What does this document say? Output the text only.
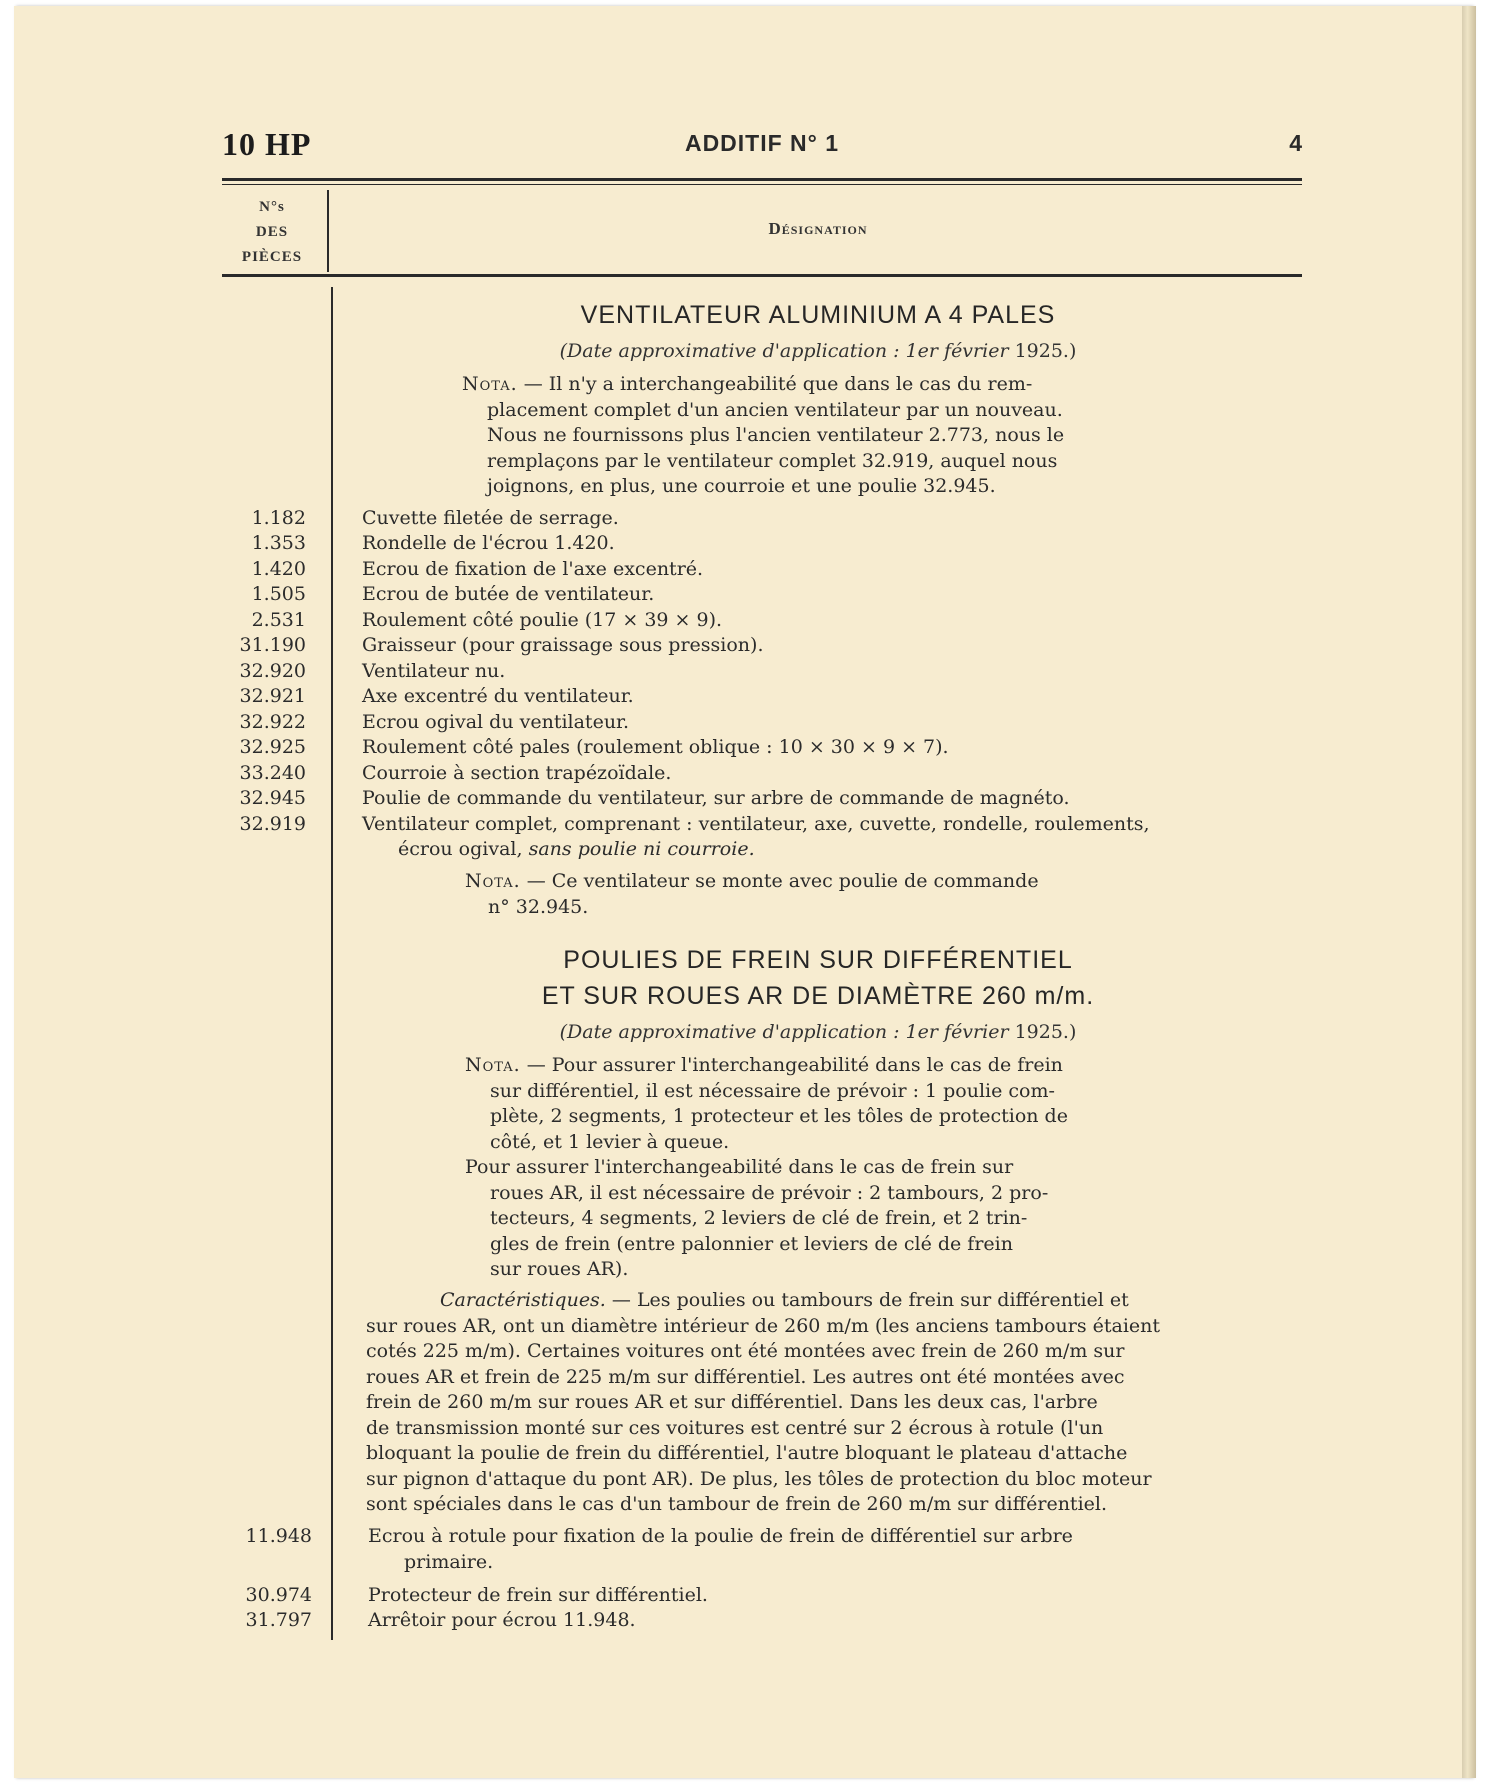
10 HP	ADDITIF N° 1	4
N°s
DES
PIÈCES
Désignation
VENTILATEUR ALUMINIUM A 4 PALES
(Date approximative d'application : 1er février 1925.)
Nota. — Il n'y a interchangeabilité que dans le cas du rem-
placement complet d'un ancien ventilateur par un nouveau.
Nous ne fournissons plus l'ancien ventilateur 2.773, nous le
remplaçons par le ventilateur complet 32.919, auquel nous
joignons, en plus, une courroie et une poulie 32.945.
1.182	Cuvette filetée de serrage.
1.353	Rondelle de l'écrou 1.420.
1.420	Ecrou de fixation de l'axe excentré.
1.505	Ecrou de butée de ventilateur.
2.531	Roulement côté poulie (17 × 39 × 9).
31.190	Graisseur (pour graissage sous pression).
32.920	Ventilateur nu.
32.921	Axe excentré du ventilateur.
32.922	Ecrou ogival du ventilateur.
32.925	Roulement côté pales (roulement oblique : 10 × 30 × 9 × 7).
33.240	Courroie à section trapézoïdale.
32.945	Poulie de commande du ventilateur, sur arbre de commande de magnéto.
32.919	Ventilateur complet, comprenant : ventilateur, axe, cuvette, rondelle, roulements,
écrou ogival, sans poulie ni courroie.
Nota. — Ce ventilateur se monte avec poulie de commande
n° 32.945.
POULIES DE FREIN SUR DIFFÉRENTIEL
ET SUR ROUES AR DE DIAMÈTRE 260 m/m.
(Date approximative d'application : 1er février 1925.)
Nota. — Pour assurer l'interchangeabilité dans le cas de frein
sur différentiel, il est nécessaire de prévoir : 1 poulie com-
plète, 2 segments, 1 protecteur et les tôles de protection de
côté, et 1 levier à queue.
Pour assurer l'interchangeabilité dans le cas de frein sur
roues AR, il est nécessaire de prévoir : 2 tambours, 2 pro-
tecteurs, 4 segments, 2 leviers de clé de frein, et 2 trin-
gles de frein (entre palonnier et leviers de clé de frein
sur roues AR).
Caractéristiques. — Les poulies ou tambours de frein sur différentiel et
sur roues AR, ont un diamètre intérieur de 260 m/m (les anciens tambours étaient
cotés 225 m/m). Certaines voitures ont été montées avec frein de 260 m/m sur
roues AR et frein de 225 m/m sur différentiel. Les autres ont été montées avec
frein de 260 m/m sur roues AR et sur différentiel. Dans les deux cas, l'arbre
de transmission monté sur ces voitures est centré sur 2 écrous à rotule (l'un
bloquant la poulie de frein du différentiel, l'autre bloquant le plateau d'attache
sur pignon d'attaque du pont AR). De plus, les tôles de protection du bloc moteur
sont spéciales dans le cas d'un tambour de frein de 260 m/m sur différentiel.
11.948	Ecrou à rotule pour fixation de la poulie de frein de différentiel sur arbre
primaire.
30.974	Protecteur de frein sur différentiel.
31.797	Arrêtoir pour écrou 11.948.
